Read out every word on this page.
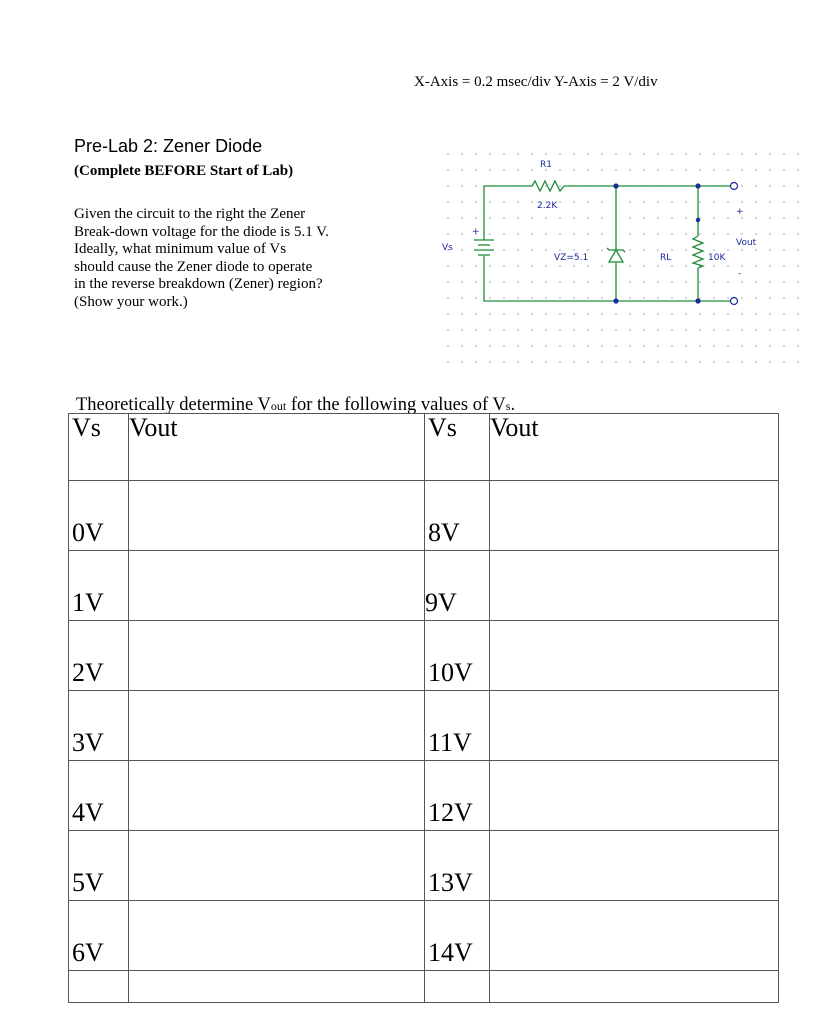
X-Axis = 0.2 msec/div Y-Axis = 2 V/div
Pre-Lab 2: Zener Diode
(Complete BEFORE Start of Lab)
Given the circuit to the right the Zener
Break-down voltage for the diode is 5.1 V.
Ideally, what minimum value of Vs
should cause the Zener diode to operate
in the reverse breakdown (Zener) region?
(Show your work.)
R1
2.2K
Vs
+
VZ=5.1	RL	10K
Vout
+
-
Theoretically determine Vout for the following values of Vs.
Vs	Vout	Vs	Vout
0V		8V	
1V		9V	
2V		10V	
3V		11V	
4V		12V	
5V		13V	
6V		14V	
